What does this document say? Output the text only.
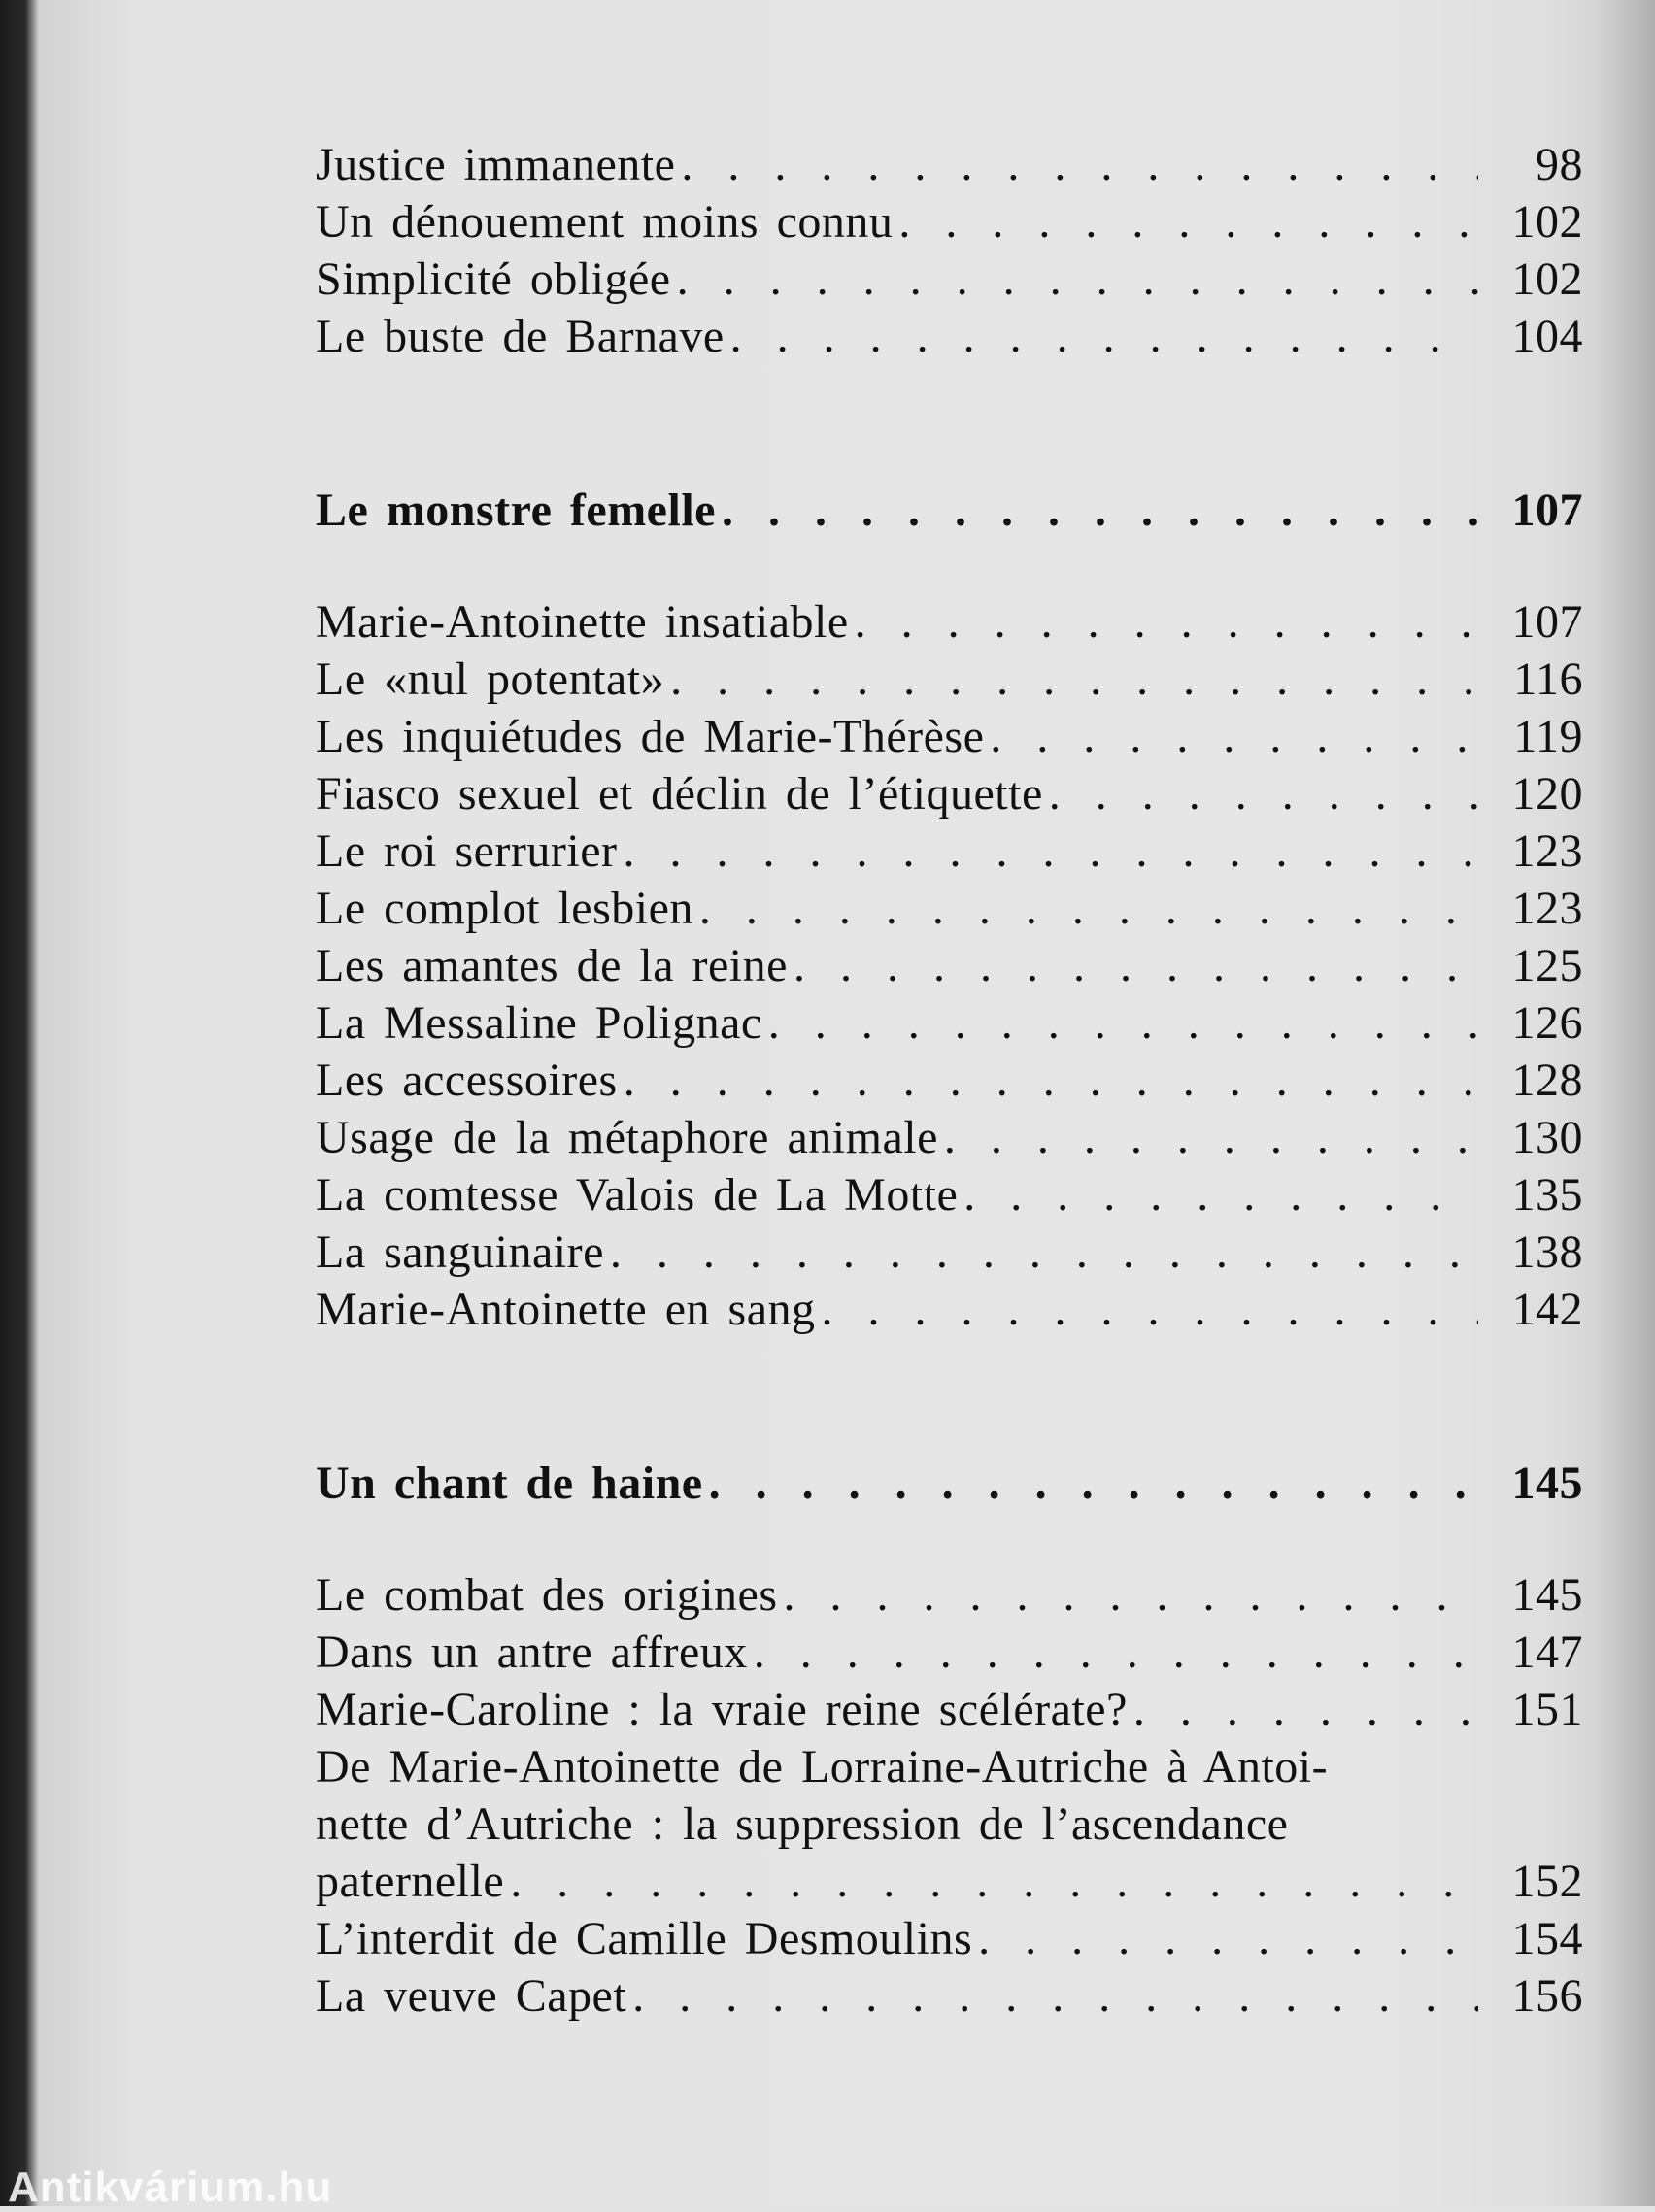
Justice immanente . . .	98
Un dénouement moins connu . . .	102
Simplicité obligée . . .	102
Le buste de Barnave . . .	104
Le monstre femelle . . .	107
Marie-Antoinette insatiable . . .	107
Le «nul potentat» . . .	116
Les inquiétudes de Marie-Thérèse . . .	119
Fiasco sexuel et déclin de l’étiquette . . .	120
Le roi serrurier . . .	123
Le complot lesbien . . .	123
Les amantes de la reine . . .	125
La Messaline Polignac . . .	126
Les accessoires . . .	128
Usage de la métaphore animale . . .	130
La comtesse Valois de La Motte . . .	135
La sanguinaire . . .	138
Marie-Antoinette en sang . . .	142
Un chant de haine . . .	145
Le combat des origines . . .	145
Dans un antre affreux . . .	147
Marie-Caroline : la vraie reine scélérate? . . .	151
De Marie-Antoinette de Lorraine-Autriche à Antoi-
nette d’Autriche : la suppression de l’ascendance
paternelle . . .	152
L’interdit de Camille Desmoulins . . .	154
La veuve Capet . . .	156
Antikvárium.hu
